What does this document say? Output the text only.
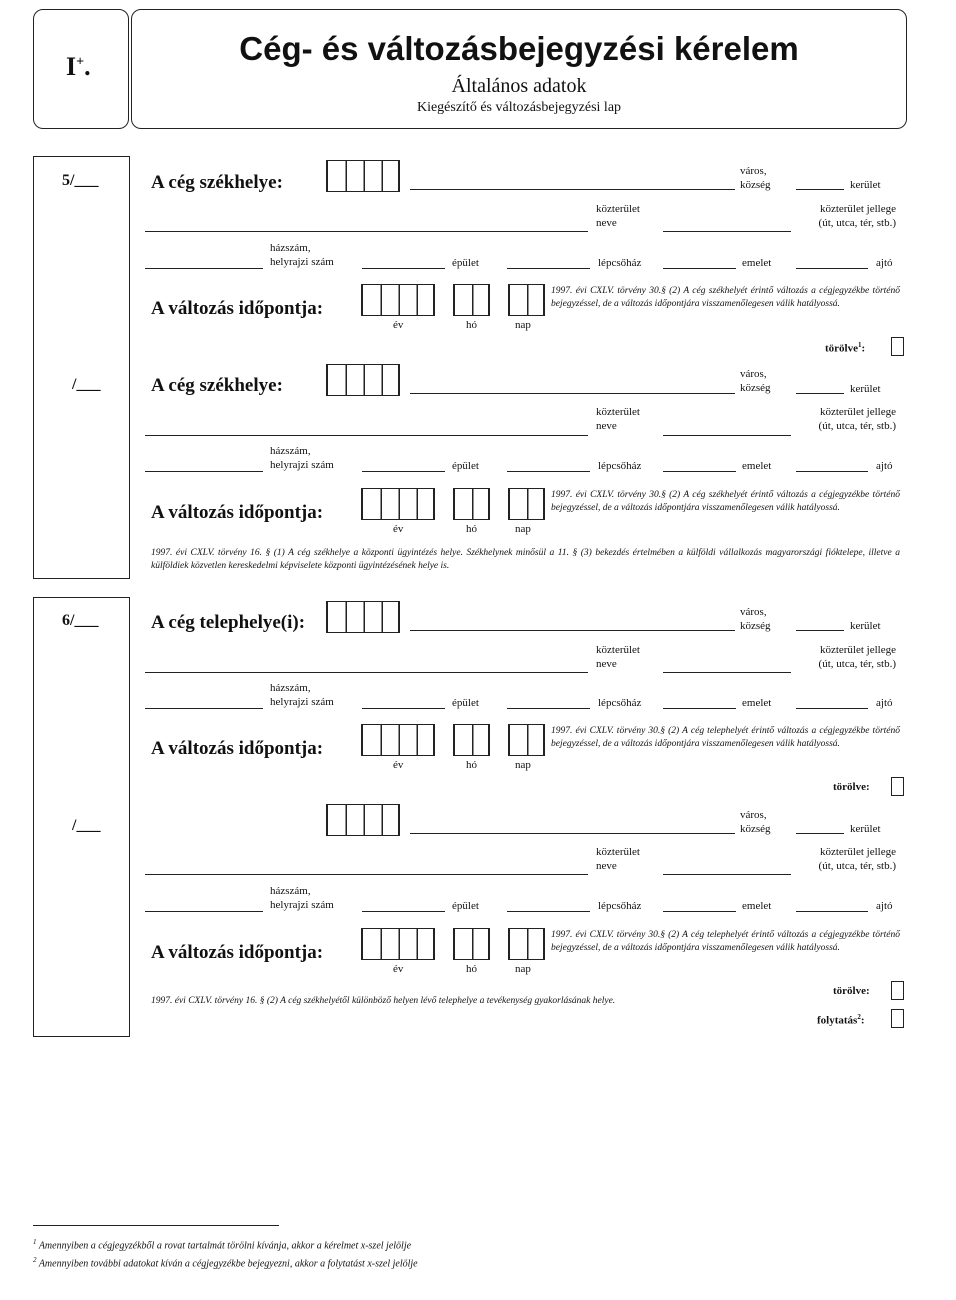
I+.	Cég- és változásbejegyzési kérelem
Általános adatok
Kiegészítő és változásbejegyzési lap
5/___
/___
6/___
/___
A cég székhelye:
város,
község	kerület
közterület
neve
közterület jellege
(út, utca, tér, stb.)
házszám,
helyrajzi szám	épület	lépcsőház	emelet	ajtó
A változás időpontja:
év	hó	nap
1997. évi CXLV. törvény 30.§ (2) A cég székhelyét érintő változás a cégjegyzékbe történő bejegyzéssel, de a változás időpontjára visszamenőlegesen válik hatályossá.
törölve$^1$:
A cég székhelye:
város,
község	kerület
közterület
neve
közterület jellege
(út, utca, tér, stb.)
házszám,
helyrajzi szám	épület	lépcsőház	emelet	ajtó
A változás időpontja:
év	hó	nap
1997. évi CXLV. törvény 30.§ (2) A cég székhelyét érintő változás a cégjegyzékbe történő bejegyzéssel, de a változás időpontjára visszamenőlegesen válik hatályossá.
1997. évi CXLV. törvény 16. § (1) A cég székhelye a központi ügyintézés helye. Székhelynek minősül a 11. § (3) bekezdés értelmében a külföldi vállalkozás magyarországi fióktelepe, illetve a külföldiek közvetlen kereskedelmi képviselete központi ügyintézésének helye is.
A cég telephelye(i):	város,
község	kerület
közterület
neve
közterület jellege
(út, utca, tér, stb.)
házszám,
helyrajzi szám	épület	lépcsőház	emelet	ajtó
A változás időpontja:
év	hó	nap
1997. évi CXLV. törvény 30.§ (2) A cég telephelyét érintő változás a cégjegyzékbe történő bejegyzéssel, de a változás időpontjára visszamenőlegesen válik hatályossá.
törölve:
város,
község	kerület
közterület
neve
közterület jellege
(út, utca, tér, stb.)
házszám,
helyrajzi szám	épület	lépcsőház	emelet	ajtó
A változás időpontja:
év	hó	nap
1997. évi CXLV. törvény 30.§ (2) A cég telephelyét érintő változás a cégjegyzékbe történő bejegyzéssel, de a változás időpontjára visszamenőlegesen válik hatályossá.
1997. évi CXLV. törvény 16. § (2) A cég székhelyétől különböző helyen lévő telephelye a tevékenység gyakorlásának helye.
törölve:
folytatás$^2$:
$^1$ Amennyiben a cégjegyzékből a rovat tartalmát törölni kívánja, akkor a kérelmet x-szel jelölje
$^2$ Amennyiben további adatokat kíván a cégjegyzékbe bejegyezni, akkor a folytatást x-szel jelölje
